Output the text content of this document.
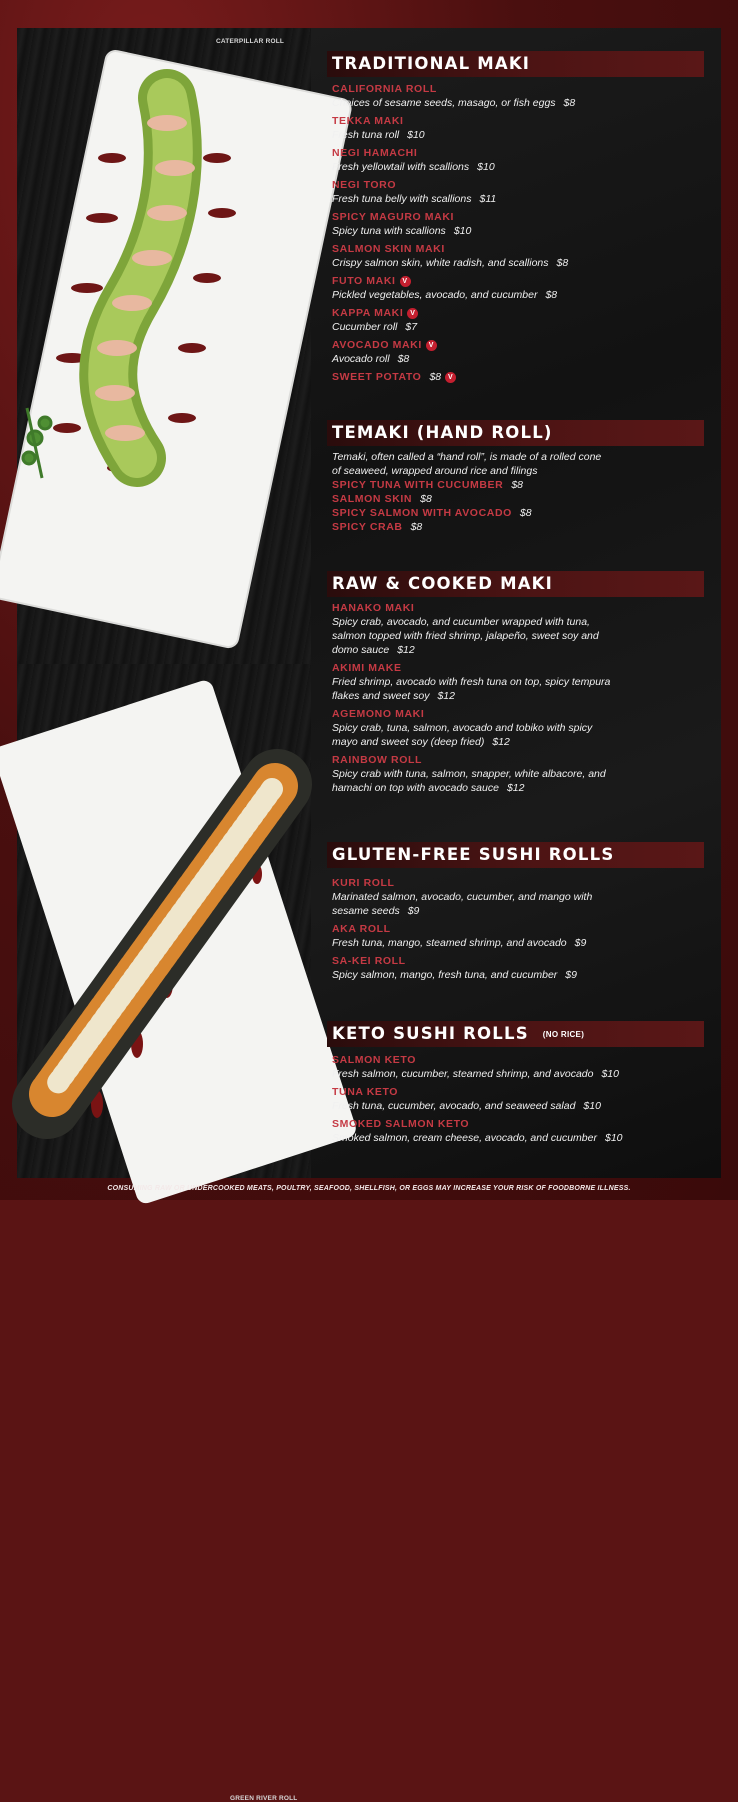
CATERPILLAR ROLL
GREEN RIVER ROLL
TRADITIONAL MAKI
CALIFORNIA ROLL
Choices of sesame seeds, masago, or fish eggs $8
TEKKA MAKI
Fresh tuna roll $10
NEGI HAMACHI
Fresh yellowtail with scallions $10
NEGI TORO
Fresh tuna belly with scallions $11
SPICY MAGURO MAKI
Spicy tuna with scallions $10
SALMON SKIN MAKI
Crispy salmon skin, white radish, and scallions $8
FUTO MAKI V
Pickled vegetables, avocado, and cucumber $8
KAPPA MAKI V
Cucumber roll $7
AVOCADO MAKI V
Avocado roll $8
SWEET POTATO $8 V
TEMAKI (HAND ROLL)
Temaki, often called a “hand roll”, is made of a rolled cone
of seaweed, wrapped around rice and filings
SPICY TUNA WITH CUCUMBER $8
SALMON SKIN $8
SPICY SALMON WITH AVOCADO $8
SPICY CRAB $8
RAW & COOKED MAKI
HANAKO MAKI
Spicy crab, avocado, and cucumber wrapped with tuna,
salmon topped with fried shrimp, jalapeño, sweet soy and
domo sauce $12
AKIMI MAKE
Fried shrimp, avocado with fresh tuna on top, spicy tempura
flakes and sweet soy $12
AGEMONO MAKI
Spicy crab, tuna, salmon, avocado and tobiko with spicy
mayo and sweet soy (deep fried) $12
RAINBOW ROLL
Spicy crab with tuna, salmon, snapper, white albacore, and
hamachi on top with avocado sauce $12
GLUTEN-FREE SUSHI ROLLS
KURI ROLL
Marinated salmon, avocado, cucumber, and mango with
sesame seeds $9
AKA ROLL
Fresh tuna, mango, steamed shrimp, and avocado $9
SA-KEI ROLL
Spicy salmon, mango, fresh tuna, and cucumber $9
KETO SUSHI ROLLS (NO RICE)
SALMON KETO
Fresh salmon, cucumber, steamed shrimp, and avocado $10
TUNA KETO
Fresh tuna, cucumber, avocado, and seaweed salad $10
SMOKED SALMON KETO
Smoked salmon, cream cheese, avocado, and cucumber $10
CONSUMING RAW OR UNDERCOOKED MEATS, POULTRY, SEAFOOD, SHELLFISH, OR EGGS MAY INCREASE YOUR RISK OF FOODBORNE ILLNESS.
